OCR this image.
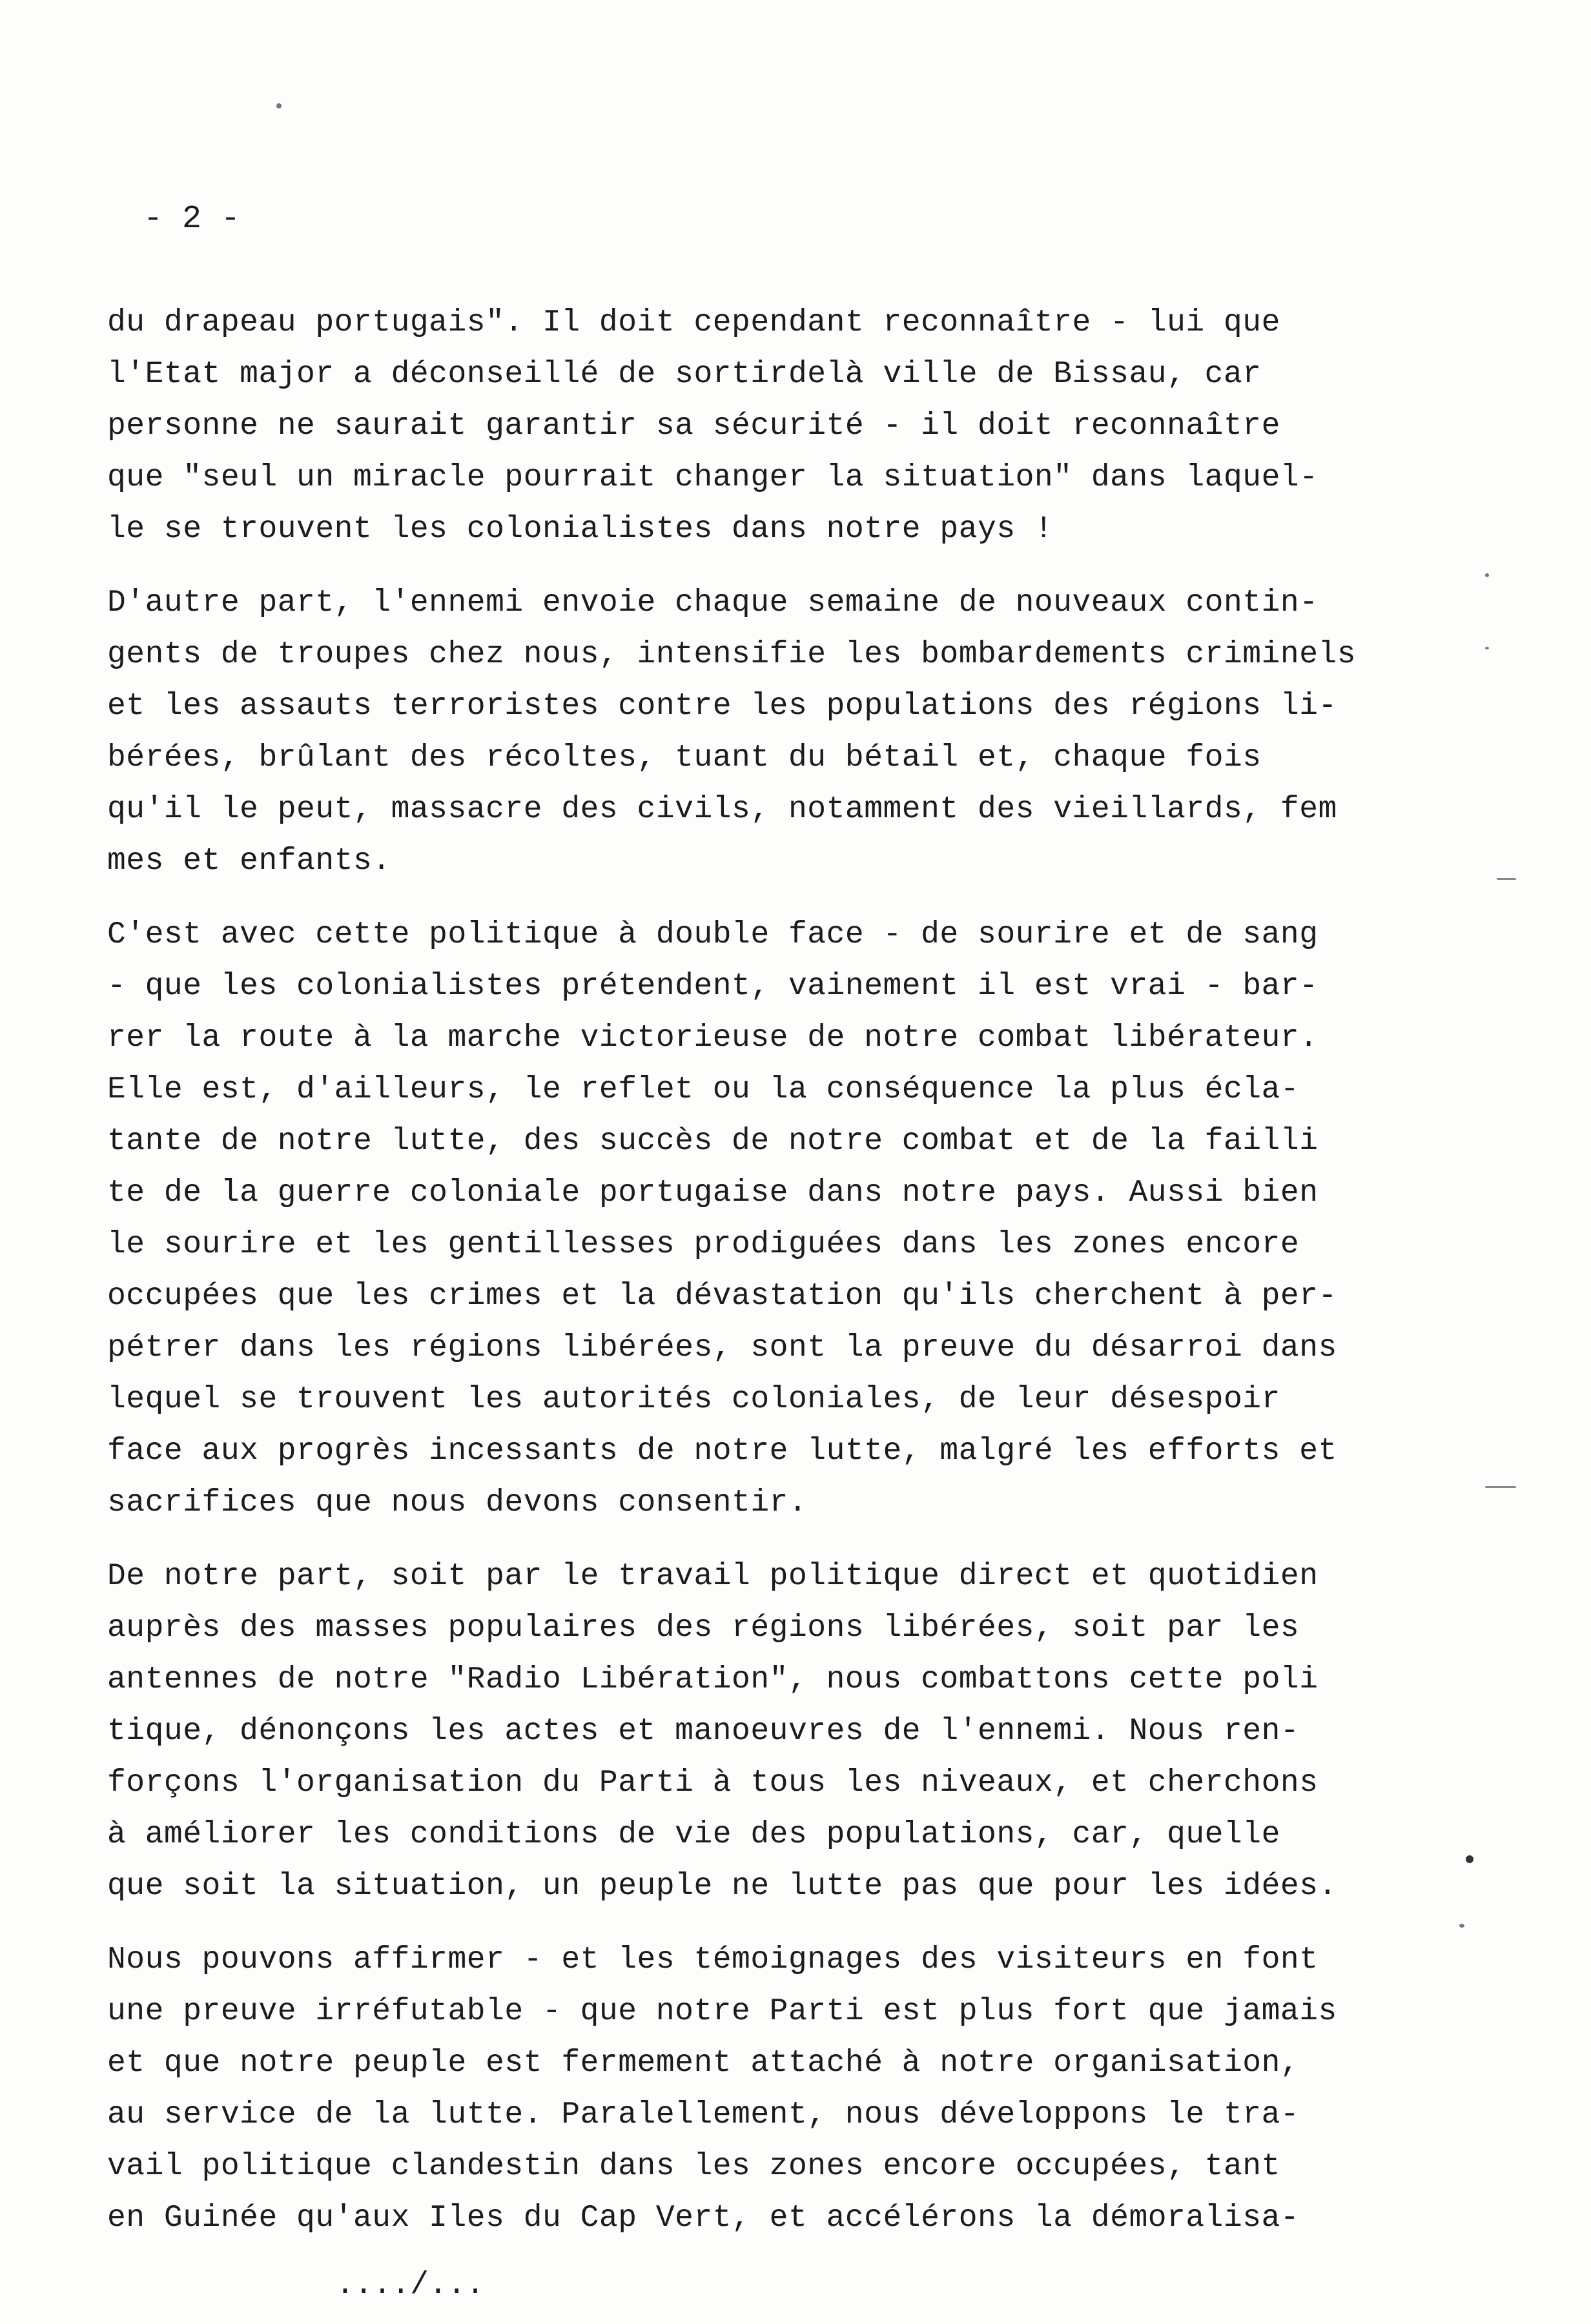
- 2 -
du drapeau portugais". Il doit cependant reconnaître - lui que
l'Etat major a déconseillé de sortirdelà ville de Bissau, car
personne ne saurait garantir sa sécurité - il doit reconnaître
que "seul un miracle pourrait changer la situation" dans laquel-
le se trouvent les colonialistes dans notre pays !
D'autre part, l'ennemi envoie chaque semaine de nouveaux contin-
gents de troupes chez nous, intensifie les bombardements criminels
et les assauts terroristes contre les populations des régions li-
bérées, brûlant des récoltes, tuant du bétail et, chaque fois
qu'il le peut, massacre des civils, notamment des vieillards, fem
mes et enfants.
C'est avec cette politique à double face - de sourire et de sang
- que les colonialistes prétendent, vainement il est vrai - bar-
rer la route à la marche victorieuse de notre combat libérateur.
Elle est, d'ailleurs, le reflet ou la conséquence la plus écla-
tante de notre lutte, des succès de notre combat et de la failli
te de la guerre coloniale portugaise dans notre pays. Aussi bien
le sourire et les gentillesses prodiguées dans les zones encore
occupées que les crimes et la dévastation qu'ils cherchent à per-
pétrer dans les régions libérées, sont la preuve du désarroi dans
lequel se trouvent les autorités coloniales, de leur désespoir
face aux progrès incessants de notre lutte, malgré les efforts et
sacrifices que nous devons consentir.
De notre part, soit par le travail politique direct et quotidien
auprès des masses populaires des régions libérées, soit par les
antennes de notre "Radio Libération", nous combattons cette poli
tique, dénonçons les actes et manoeuvres de l'ennemi. Nous ren-
forçons l'organisation du Parti à tous les niveaux, et cherchons
à améliorer les conditions de vie des populations, car, quelle
que soit la situation, un peuple ne lutte pas que pour les idées.
Nous pouvons affirmer - et les témoignages des visiteurs en font
une preuve irréfutable - que notre Parti est plus fort que jamais
et que notre peuple est fermement attaché à notre organisation,
au service de la lutte. Paralellement, nous développons le tra-
vail politique clandestin dans les zones encore occupées, tant
en Guinée qu'aux Iles du Cap Vert, et accélérons la démoralisa-
..../...
